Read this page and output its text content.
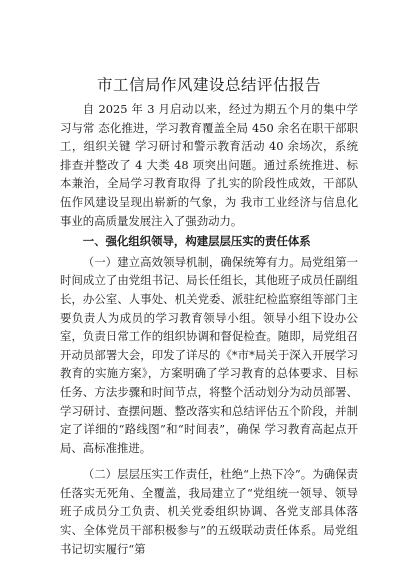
市工信局作风建设总结评估报告

自 2025 年 3 月启动以来，经过为期五个月的集中学习与常 态化推进，学习教育覆盖全局 450 余名在职干部职工，组织关键 学习研讨和警示教育活动 40 余场次，系统排查并整改了 4 大类 48 项突出问题。通过系统推进、标本兼治，全局学习教育取得 了扎实的阶段性成效，干部队伍作风建设呈现出崭新的气象，为 我市工业经济与信息化事业的高质量发展注入了强劲动力。

一、强化组织领导，构建层层压实的责任体系

（一）建立高效领导机制，确保统筹有力。局党组第一时间成立了由党组书记、局长任组长，其他班子成员任副组长，办公室、人事处、机关党委、派驻纪检监察组等部门主要负责人为成员的学习教育领导小组。领导小组下设办公室，负责日常工作的组织协调和督促检查。随即，局党组召开动员部署大会，印发了详尽的《*市*局关于深入开展学习教育的实施方案》，方案明确了学习教育的总体要求、目标任务、方法步骤和时间节点，将整个活动划分为动员部署、学习研讨、查摆问题、整改落实和总结评估五个阶段，并制定了详细的“路线图”和“时间表”，确保 学习教育高起点开局、高标准推进。

（二）层层压实工作责任，杜绝“上热下冷”。为确保责任落实无死角、全覆盖，我局建立了“党组统一领导、领导班子成员分工负责、机关党委组织协调、各党支部具体落实、全体党员干部积极参与”的五级联动责任体系。局党组书记切实履行“第
